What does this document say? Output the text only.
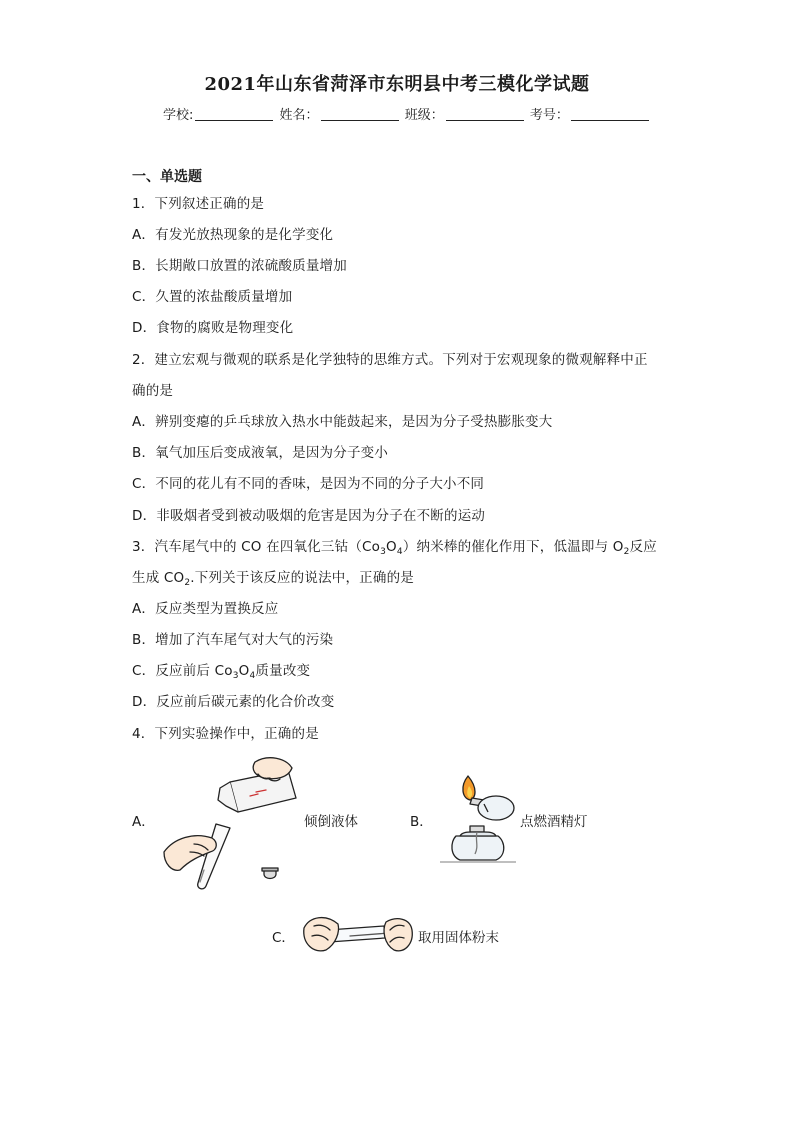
2021年山东省菏泽市东明县中考三模化学试题
学校:	姓名：	班级：	考号：
一、单选题
1．下列叙述正确的是
A．有发光放热现象的是化学变化
B．长期敞口放置的浓硫酸质量增加
C．久置的浓盐酸质量增加
D．食物的腐败是物理变化
2．建立宏观与微观的联系是化学独特的思维方式。下列对于宏观现象的微观解释中正
确的是
A．辨别变瘪的乒乓球放入热水中能鼓起来，是因为分子受热膨胀变大
B．氧气加压后变成液氧，是因为分子变小
C．不同的花儿有不同的香味，是因为不同的分子大小不同
D．非吸烟者受到被动吸烟的危害是因为分子在不断的运动
3．汽车尾气中的 CO 在四氧化三钴$(Co_3O_4)$纳米棒的催化作用下，低温即与 $O_2$反应
生成 $CO_2$.下列关于该反应的说法中，正确的是
A．反应类型为置换反应
B．增加了汽车尾气对大气的污染
C．反应前后 $Co_3O_4$质量改变
D．反应前后碳元素的化合价改变
4．下列实验操作中，正确的是
A．	倾倒液体	B．	点燃酒精灯
C．	取用固体粉末
